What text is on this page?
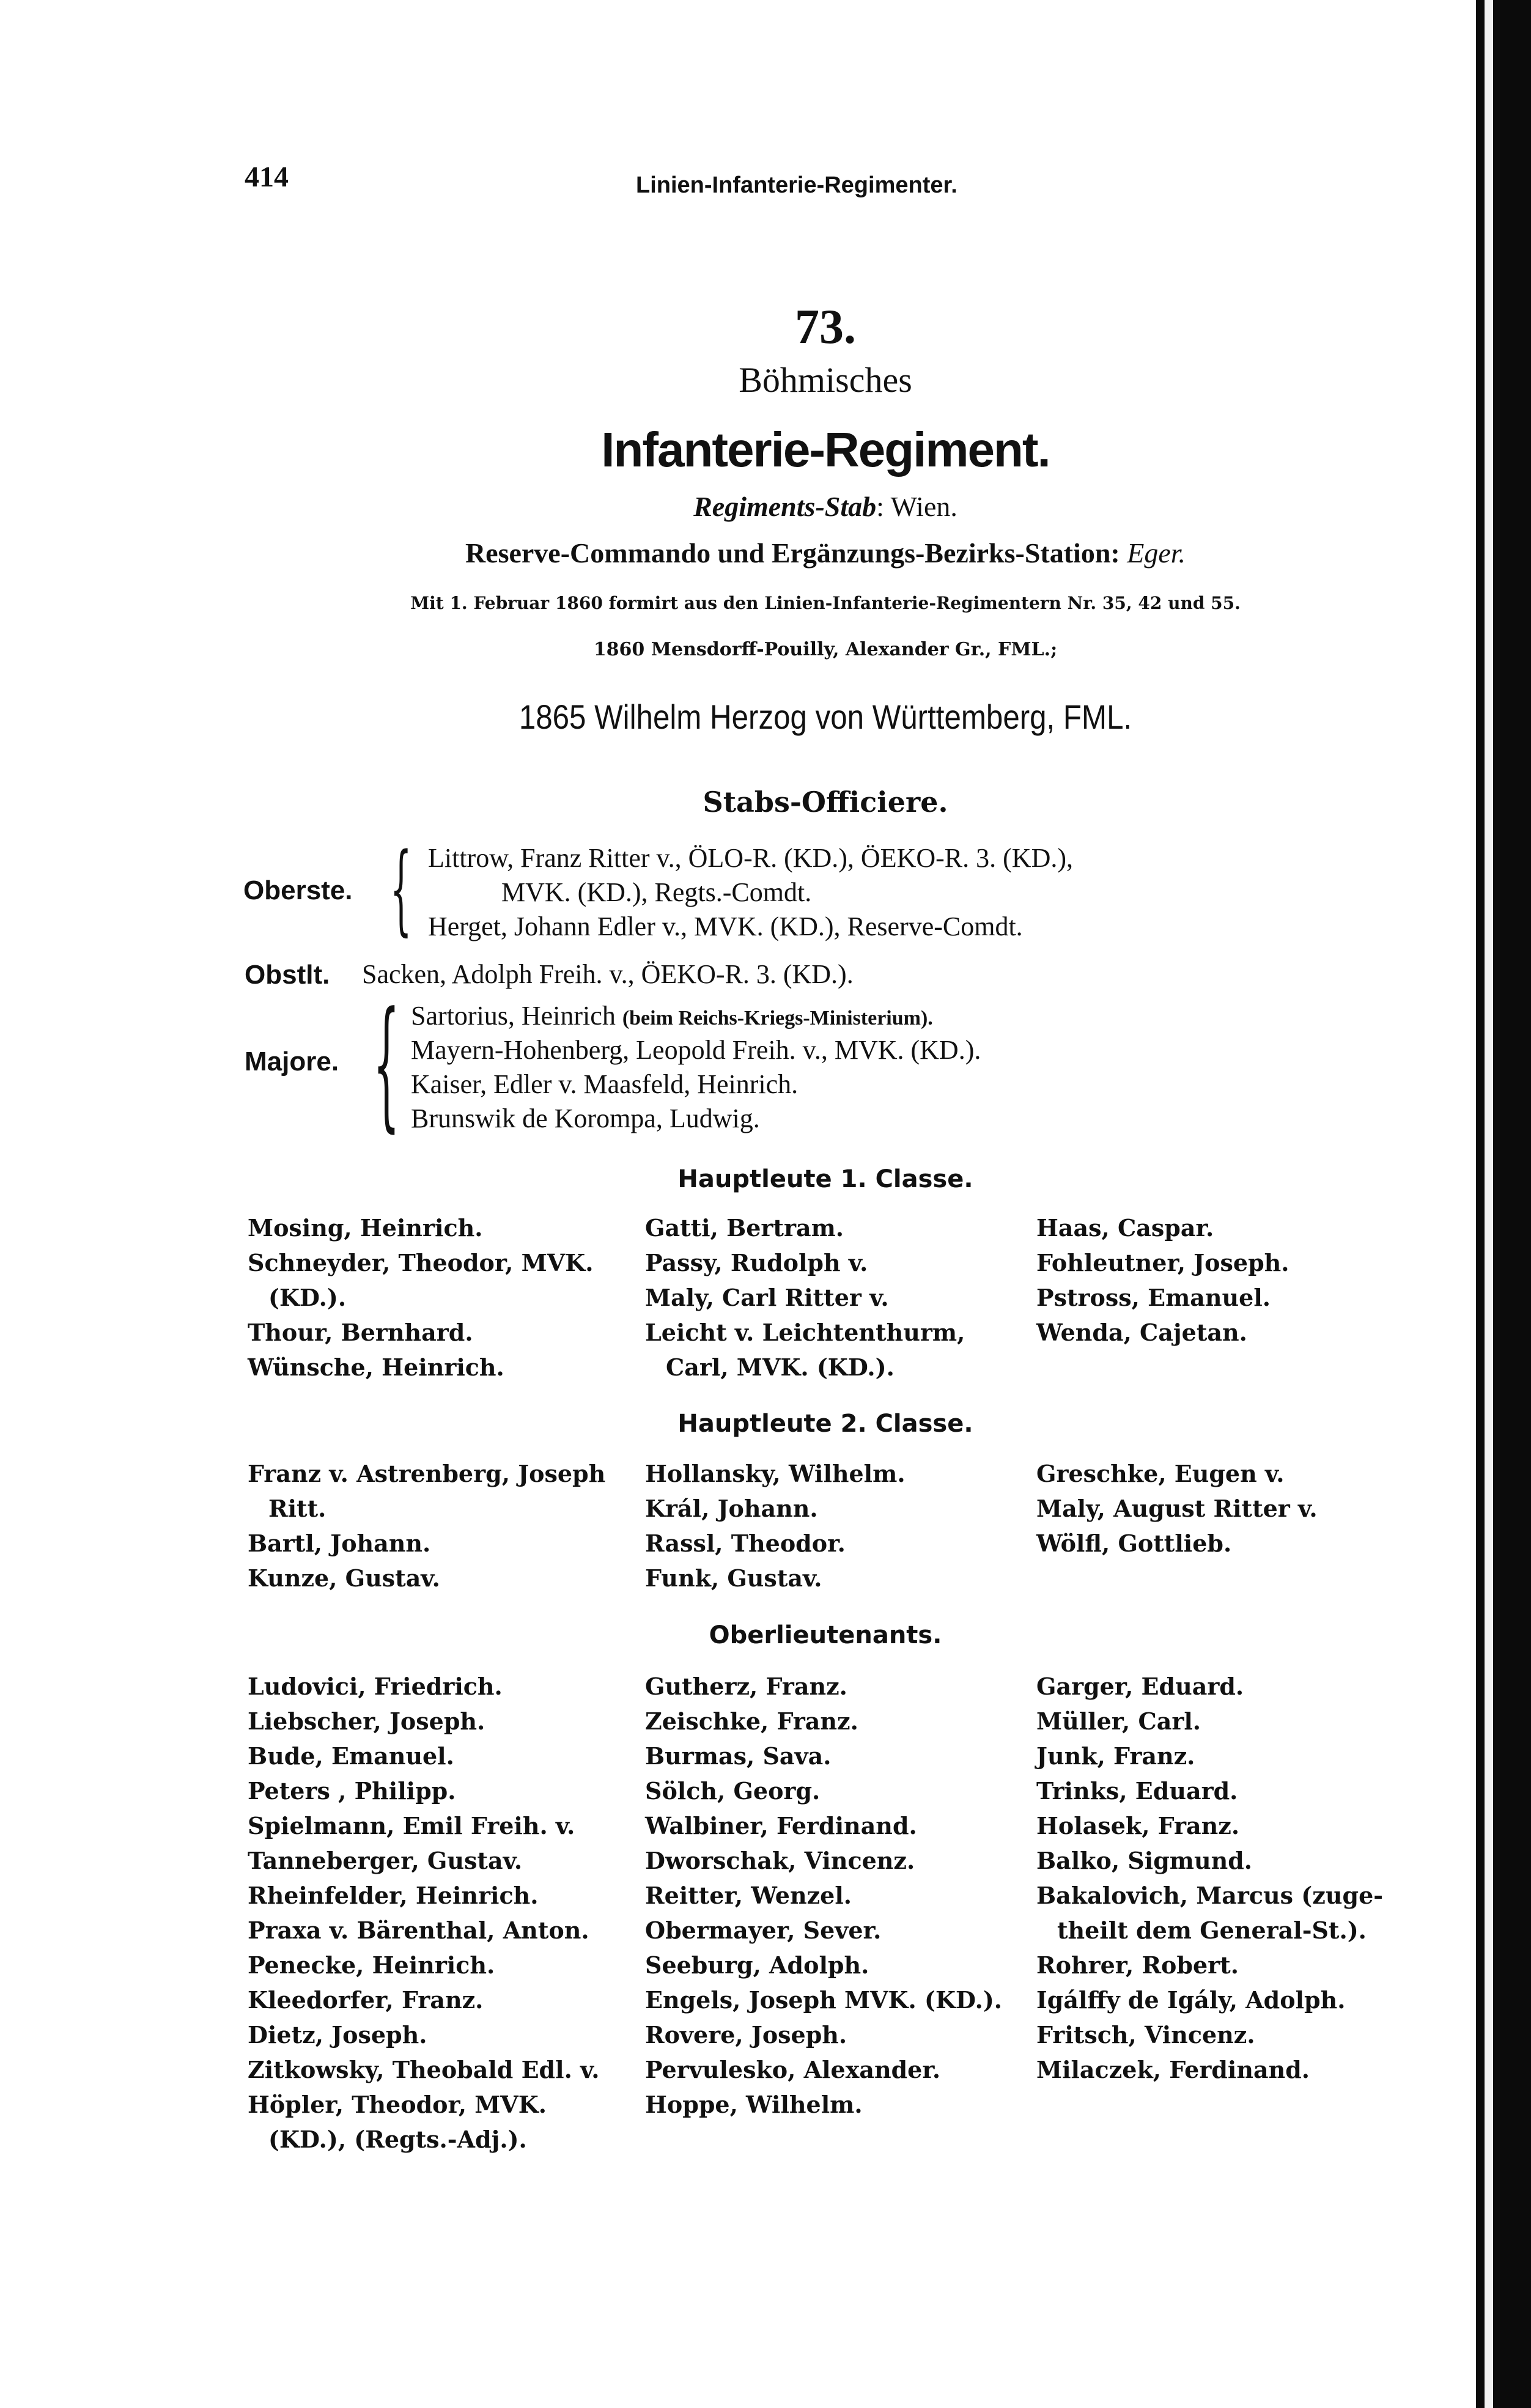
414	Linien-Infanterie-Regimenter.
73.
Böhmisches
Infanterie-Regiment.
Regiments-Stab: Wien.
Reserve-Commando und Ergänzungs-Bezirks-Station: Eger.
Mit 1. Februar 1860 formirt aus den Linien-Infanterie-Regimentern Nr. 35, 42 und 55.
1860 Mensdorff-Pouilly, Alexander Gr., FML.;
1865 Wilhelm Herzog von Württemberg, FML.
Stabs-Officiere.
Oberste. { Littrow, Franz Ritter v., ÖLO-R. (KD.), ÖEKO-R. 3. (KD.),
MVK. (KD.), Regts.-Comdt.
Herget, Johann Edler v., MVK. (KD.), Reserve-Comdt.
Obstlt. Sacken, Adolph Freih. v., ÖEKO-R. 3. (KD.).
Majore. { Sartorius, Heinrich (beim Reichs-Kriegs-Ministerium).
Mayern-Hohenberg, Leopold Freih. v., MVK. (KD.).
Kaiser, Edler v. Maasfeld, Heinrich.
Brunswik de Korompa, Ludwig.
Hauptleute 1. Classe.
Mosing, Heinrich.
Schneyder, Theodor, MVK.
(KD.).
Thour, Bernhard.
Wünsche, Heinrich.
Gatti, Bertram.
Passy, Rudolph v.
Maly, Carl Ritter v.
Leicht v. Leichtenthurm,
Carl, MVK. (KD.).
Haas, Caspar.
Fohleutner, Joseph.
Pstross, Emanuel.
Wenda, Cajetan.
Hauptleute 2. Classe.
Franz v. Astrenberg, Joseph
Ritt.
Bartl, Johann.
Kunze, Gustav.
Hollansky, Wilhelm.
Král, Johann.
Rassl, Theodor.
Funk, Gustav.
Greschke, Eugen v.
Maly, August Ritter v.
Wölfl, Gottlieb.
Oberlieutenants.
Ludovici, Friedrich.
Liebscher, Joseph.
Bude, Emanuel.
Peters , Philipp.
Spielmann, Emil Freih. v.
Tanneberger, Gustav.
Rheinfelder, Heinrich.
Praxa v. Bärenthal, Anton.
Penecke, Heinrich.
Kleedorfer, Franz.
Dietz, Joseph.
Zitkowsky, Theobald Edl. v.
Höpler, Theodor, MVK.
(KD.), (Regts.-Adj.).
Gutherz, Franz.
Zeischke, Franz.
Burmas, Sava.
Sölch, Georg.
Walbiner, Ferdinand.
Dworschak, Vincenz.
Reitter, Wenzel.
Obermayer, Sever.
Seeburg, Adolph.
Engels, Joseph MVK. (KD.).
Rovere, Joseph.
Pervulesko, Alexander.
Hoppe, Wilhelm.
Garger, Eduard.
Müller, Carl.
Junk, Franz.
Trinks, Eduard.
Holasek, Franz.
Balko, Sigmund.
Bakalovich, Marcus (zuge-
theilt dem General-St.).
Rohrer, Robert.
Igálffy de Igály, Adolph.
Fritsch, Vincenz.
Milaczek, Ferdinand.
